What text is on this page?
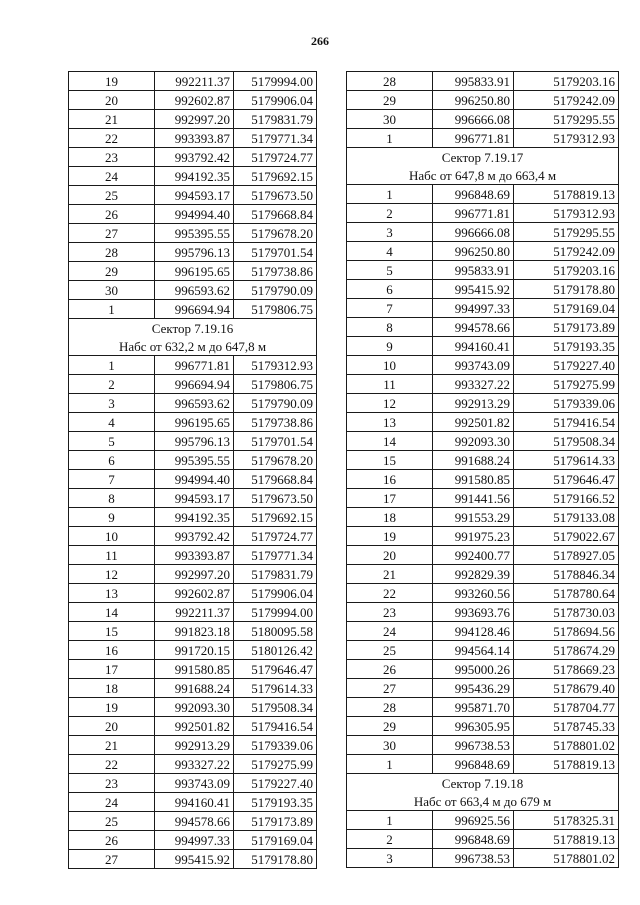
266
19	992211.37	5179994.00
20	992602.87	5179906.04
21	992997.20	5179831.79
22	993393.87	5179771.34
23	993792.42	5179724.77
24	994192.35	5179692.15
25	994593.17	5179673.50
26	994994.40	5179668.84
27	995395.55	5179678.20
28	995796.13	5179701.54
29	996195.65	5179738.86
30	996593.62	5179790.09
1	996694.94	5179806.75
Сектор 7.19.16		
Набс от 632,2 м до 647,8 м		
1	996771.81	5179312.93
2	996694.94	5179806.75
3	996593.62	5179790.09
4	996195.65	5179738.86
5	995796.13	5179701.54
6	995395.55	5179678.20
7	994994.40	5179668.84
8	994593.17	5179673.50
9	994192.35	5179692.15
10	993792.42	5179724.77
11	993393.87	5179771.34
12	992997.20	5179831.79
13	992602.87	5179906.04
14	992211.37	5179994.00
15	991823.18	5180095.58
16	991720.15	5180126.42
17	991580.85	5179646.47
18	991688.24	5179614.33
19	992093.30	5179508.34
20	992501.82	5179416.54
21	992913.29	5179339.06
22	993327.22	5179275.99
23	993743.09	5179227.40
24	994160.41	5179193.35
25	994578.66	5179173.89
26	994997.33	5179169.04
27	995415.92	5179178.80
28	995833.91	5179203.16
29	996250.80	5179242.09
30	996666.08	5179295.55
1	996771.81	5179312.93
Сектор 7.19.17		
Набс от 647,8 м до 663,4 м		
1	996848.69	5178819.13
2	996771.81	5179312.93
3	996666.08	5179295.55
4	996250.80	5179242.09
5	995833.91	5179203.16
6	995415.92	5179178.80
7	994997.33	5179169.04
8	994578.66	5179173.89
9	994160.41	5179193.35
10	993743.09	5179227.40
11	993327.22	5179275.99
12	992913.29	5179339.06
13	992501.82	5179416.54
14	992093.30	5179508.34
15	991688.24	5179614.33
16	991580.85	5179646.47
17	991441.56	5179166.52
18	991553.29	5179133.08
19	991975.23	5179022.67
20	992400.77	5178927.05
21	992829.39	5178846.34
22	993260.56	5178780.64
23	993693.76	5178730.03
24	994128.46	5178694.56
25	994564.14	5178674.29
26	995000.26	5178669.23
27	995436.29	5178679.40
28	995871.70	5178704.77
29	996305.95	5178745.33
30	996738.53	5178801.02
1	996848.69	5178819.13
Сектор 7.19.18		
Набс от 663,4 м до 679 м		
1	996925.56	5178325.31
2	996848.69	5178819.13
3	996738.53	5178801.02
